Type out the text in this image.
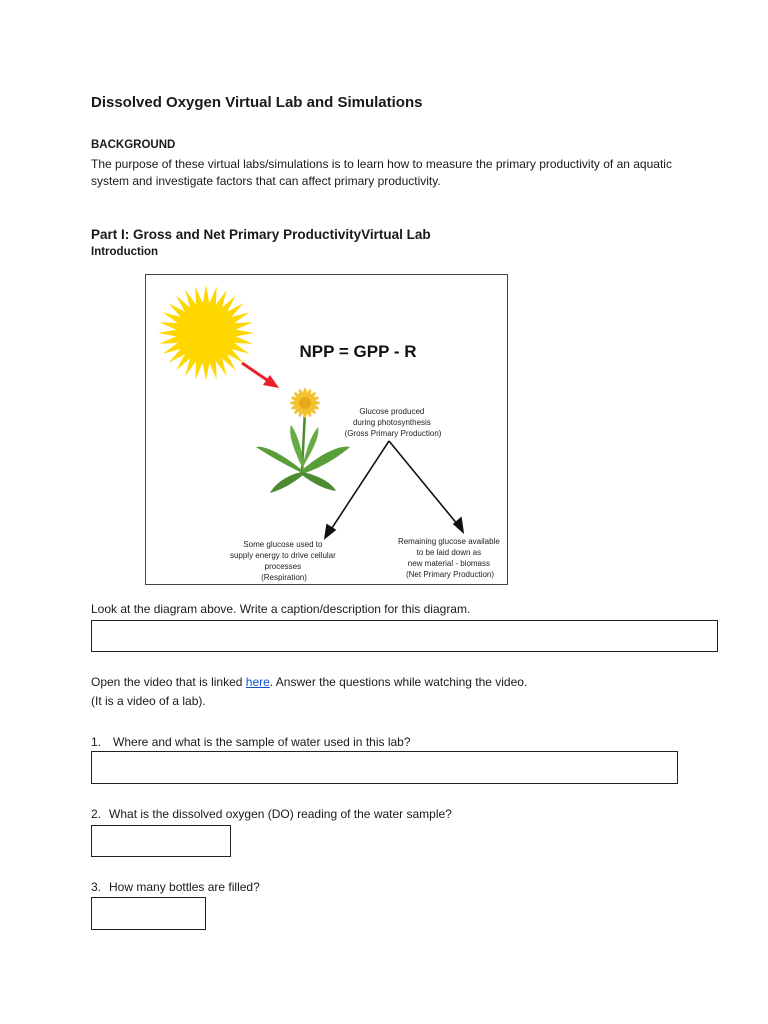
Dissolved Oxygen Virtual Lab and Simulations
BACKGROUND
The purpose of these virtual labs/simulations is to learn how to measure the primary productivity of an aquatic system and investigate factors that can affect primary productivity.
Part I: Gross and Net Primary ProductivityVirtual Lab
Introduction
NPP = GPP - R
Glucose produced during photosynthesis (Gross Primary Production)
Some glucose used to supply energy to drive cellular processes (Respiration)
Remaining glucose available to be laid down as new material - biomass (Net Primary Production)
Look at the diagram above. Write a caption/description for this diagram.
Open the video that is linked here. Answer the questions while watching the video.
(It is a video of a lab).
1. Where and what is the sample of water used in this lab?
2. What is the dissolved oxygen (DO) reading of the water sample?
3. How many bottles are filled?
